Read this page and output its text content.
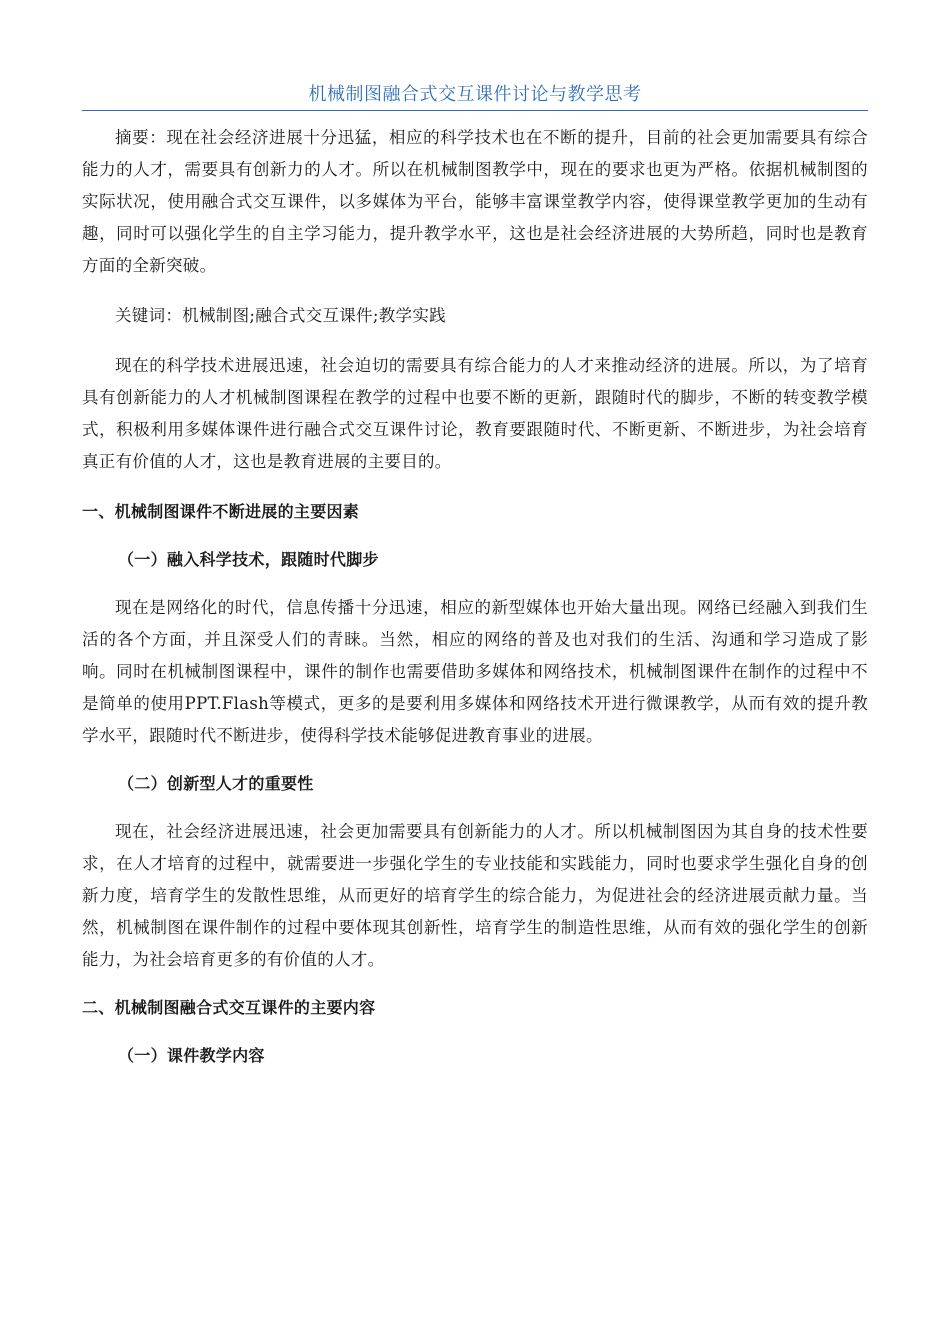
机械制图融合式交互课件讨论与教学思考

摘要：现在社会经济进展十分迅猛，相应的科学技术也在不断的提升，目前的社会更加需要具有综合能力的人才，需要具有创新力的人才。所以在机械制图教学中，现在的要求也更为严格。依据机械制图的实际状况，使用融合式交互课件，以多媒体为平台，能够丰富课堂教学内容，使得课堂教学更加的生动有趣，同时可以强化学生的自主学习能力，提升教学水平，这也是社会经济进展的大势所趋，同时也是教育方面的全新突破。

关键词：机械制图;融合式交互课件;教学实践

现在的科学技术进展迅速，社会迫切的需要具有综合能力的人才来推动经济的进展。所以，为了培育具有创新能力的人才机械制图课程在教学的过程中也要不断的更新，跟随时代的脚步，不断的转变教学模式，积极利用多媒体课件进行融合式交互课件讨论，教育要跟随时代、不断更新、不断进步，为社会培育真正有价值的人才，这也是教育进展的主要目的。

一、机械制图课件不断进展的主要因素
（一）融入科学技术，跟随时代脚步

现在是网络化的时代，信息传播十分迅速，相应的新型媒体也开始大量出现。网络已经融入到我们生活的各个方面，并且深受人们的青睐。当然，相应的网络的普及也对我们的生活、沟通和学习造成了影响。同时在机械制图课程中，课件的制作也需要借助多媒体和网络技术，机械制图课件在制作的过程中不是简单的使用PPT.Flash等模式，更多的是要利用多媒体和网络技术开进行微课教学，从而有效的提升教学水平，跟随时代不断进步，使得科学技术能够促进教育事业的进展。

（二）创新型人才的重要性

现在，社会经济进展迅速，社会更加需要具有创新能力的人才。所以机械制图因为其自身的技术性要求，在人才培育的过程中，就需要进一步强化学生的专业技能和实践能力，同时也要求学生强化自身的创新力度，培育学生的发散性思维，从而更好的培育学生的综合能力，为促进社会的经济进展贡献力量。当然，机械制图在课件制作的过程中要体现其创新性，培育学生的制造性思维，从而有效的强化学生的创新能力，为社会培育更多的有价值的人才。

二、机械制图融合式交互课件的主要内容
（一）课件教学内容
